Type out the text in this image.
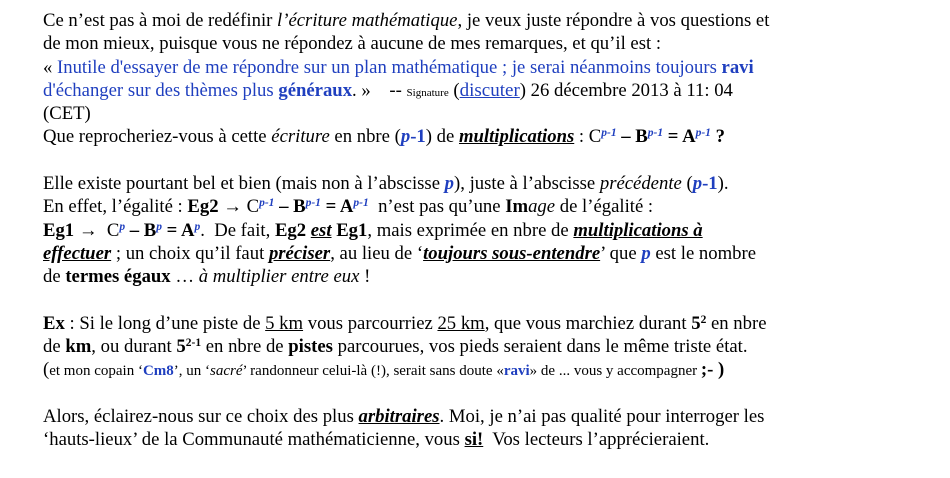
Ce n’est pas à moi de redéfinir l’écriture mathématique, je veux juste répondre à vos questions et
de mon mieux, puisque vous ne répondez à aucune de mes remarques, et qu’il est :
« Inutile d'essayer de me répondre sur un plan mathématique ; je serai néanmoins toujours ravi
d'échanger sur des thèmes plus généraux. »    -- Signature (discuter) 26 décembre 2013 à 11: 04
(CET)
Que reprocheriez-vous à cette écriture en nbre (p-1) de multiplications : $C^{p-1} - B^{p-1} = A^{p-1}$ ?
Elle existe pourtant bel et bien (mais non à l’abscisse p), juste à l’abscisse précédente (p-1).
En effet, l’égalité : $Eg2 \to C^{p-1} - B^{p-1} = A^{p-1}$  n’est pas qu’une Image de l’égalité :
$Eg1 \to C^p - B^p = A^p$.  De fait, Eg2 est Eg1, mais exprimée en nbre de multiplications à
effectuer ; un choix qu’il faut préciser, au lieu de ‘toujours sous-entendre’ que p est le nombre
de termes égaux … à multiplier entre eux !
Ex : Si le long d’une piste de 5 km vous parcourriez 25 km, que vous marchiez durant $5^2$ en nbre
de km, ou durant 5$^{2-1}$ en nbre de pistes parcourues, vos pieds seraient dans le même triste état.
(et mon copain ‘Cm8’, un ‘sacré’ randonneur celui-là (!), serait sans doute «ravi» de ... vous y accompagner ;- )
Alors, éclairez-nous sur ce choix des plus arbitraires. Moi, je n’ai pas qualité pour interroger les
‘hauts-lieux’ de la Communauté mathématicienne, vous si!  Vos lecteurs l’apprécieraient.
